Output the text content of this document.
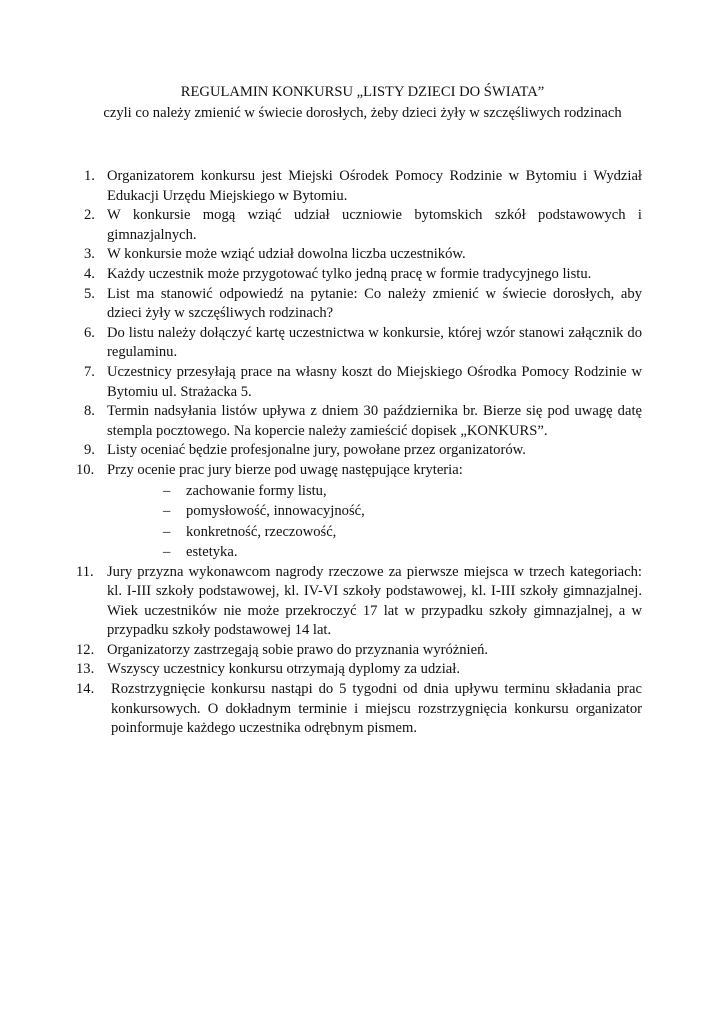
REGULAMIN KONKURSU „LISTY DZIECI DO ŚWIATA”
czyli co należy zmienić w świecie dorosłych, żeby dzieci żyły w szczęśliwych rodzinach
1. Organizatorem konkursu jest Miejski Ośrodek Pomocy Rodzinie w Bytomiu i Wydział Edukacji Urzędu Miejskiego w Bytomiu.
2. W konkursie mogą wziąć udział uczniowie bytomskich szkół podstawowych i gimnazjalnych.
3. W konkursie może wziąć udział dowolna liczba uczestników.
4. Każdy uczestnik może przygotować tylko jedną pracę w formie tradycyjnego listu.
5. List ma stanowić odpowiedź na pytanie: Co należy zmienić w świecie dorosłych, aby dzieci żyły w szczęśliwych rodzinach?
6. Do listu należy dołączyć kartę uczestnictwa w konkursie, której wzór stanowi załącznik do regulaminu.
7. Uczestnicy przesyłają prace na własny koszt do Miejskiego Ośrodka Pomocy Rodzinie w Bytomiu ul. Strażacka 5.
8. Termin nadsyłania listów upływa z dniem 30 października br. Bierze się pod uwagę datę stempla pocztowego. Na kopercie należy zamieścić dopisek „KONKURS”.
9. Listy oceniać będzie profesjonalne jury, powołane przez organizatorów.
10. Przy ocenie prac jury bierze pod uwagę następujące kryteria:
– zachowanie formy listu,
– pomysłowość, innowacyjność,
– konkretność, rzeczowość,
– estetyka.
11. Jury przyzna wykonawcom nagrody rzeczowe za pierwsze miejsca w trzech kategoriach: kl. I-III szkoły podstawowej, kl. IV-VI szkoły podstawowej, kl. I-III szkoły gimnazjalnej. Wiek uczestników nie może przekroczyć 17 lat w przypadku szkoły gimnazjalnej, a w przypadku szkoły podstawowej 14 lat.
12. Organizatorzy zastrzegają sobie prawo do przyznania wyróżnień.
13. Wszyscy uczestnicy konkursu otrzymają dyplomy za udział.
14. Rozstrzygnięcie konkursu nastąpi do 5 tygodni od dnia upływu terminu składania prac konkursowych. O dokładnym terminie i miejscu rozstrzygnięcia konkursu organizator poinformuje każdego uczestnika odrębnym pismem.
